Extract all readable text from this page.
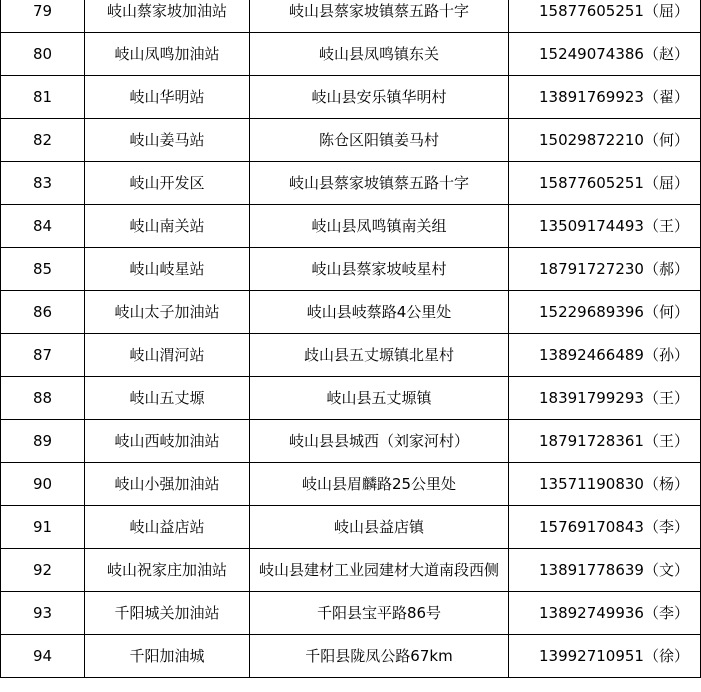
79	岐山蔡家坡加油站	岐山县蔡家坡镇蔡五路十字	15877605251（屈）
80	岐山凤鸣加油站	岐山县凤鸣镇东关	15249074386（赵）
81	岐山华明站	岐山县安乐镇华明村	13891769923（翟）
82	岐山姜马站	陈仓区阳镇姜马村	15029872210（何）
83	岐山开发区	岐山县蔡家坡镇蔡五路十字	15877605251（屈）
84	岐山南关站	岐山县凤鸣镇南关组	13509174493（王）
85	岐山岐星站	岐山县蔡家坡岐星村	18791727230（郝）
86	岐山太子加油站	岐山县岐蔡路4公里处	15229689396（何）
87	岐山渭河站	歧山县五丈塬镇北星村	13892466489（孙）
88	岐山五丈塬	岐山县五丈塬镇	18391799293（王）
89	岐山西岐加油站	岐山县县城西（刘家河村）	18791728361（王）
90	岐山小强加油站	岐山县眉麟路25公里处	13571190830（杨）
91	岐山益店站	岐山县益店镇	15769170843（李）
92	岐山祝家庄加油站	岐山县建材工业园建材大道南段西侧	13891778639（文）
93	千阳城关加油站	千阳县宝平路86号	13892749936（李）
94	千阳加油城	千阳县陇凤公路67km	13992710951（徐）
